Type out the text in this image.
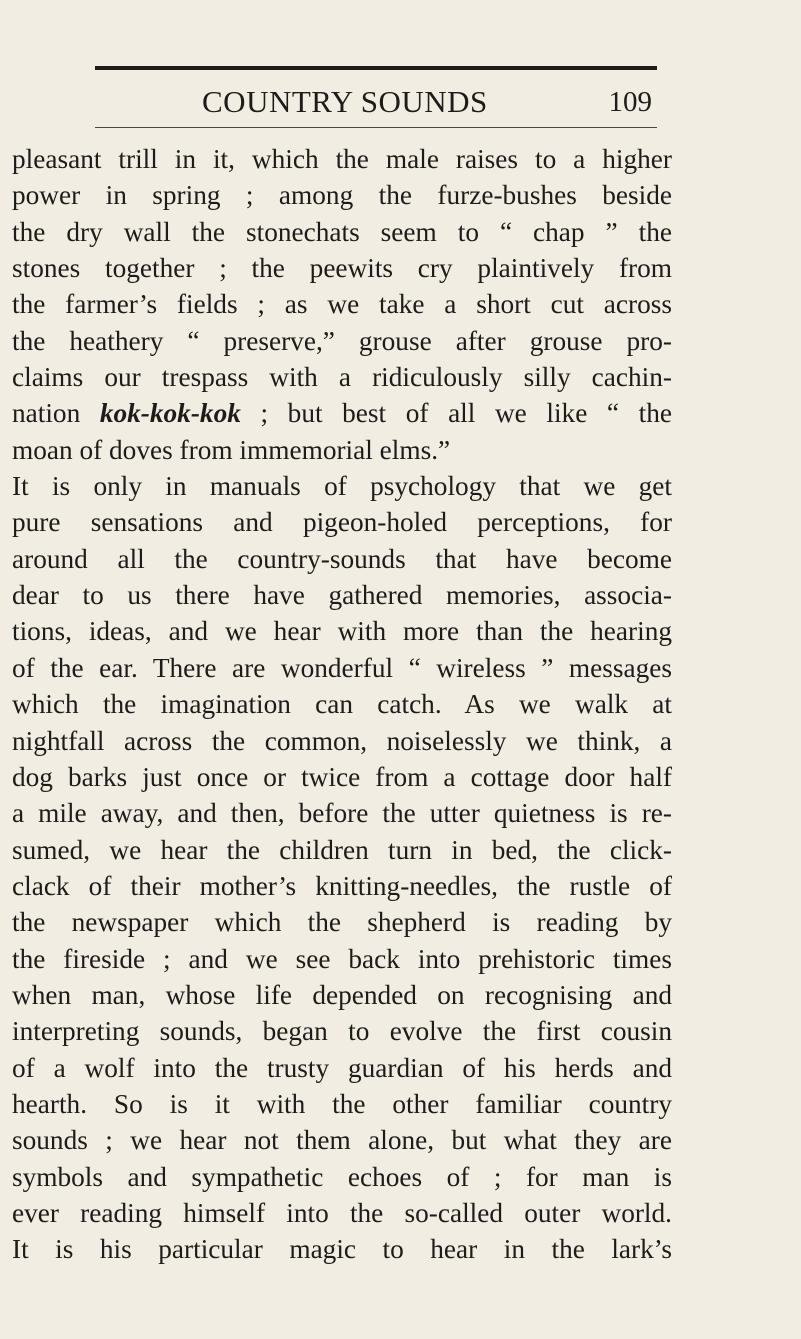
COUNTRY SOUNDS	109
pleasant trill in it, which the male raises to a higher
power in spring ; among the furze-bushes beside
the dry wall the stonechats seem to “ chap ” the
stones together ; the peewits cry plaintively from
the farmer’s fields ; as we take a short cut across
the heathery “ preserve,” grouse after grouse pro-
claims our trespass with a ridiculously silly cachin-
nation kok-kok-kok ; but best of all we like “ the
moan of doves from immemorial elms.”
It is only in manuals of psychology that we get
pure sensations and pigeon-holed perceptions, for
around all the country-sounds that have become
dear to us there have gathered memories, associa-
tions, ideas, and we hear with more than the hearing
of the ear. There are wonderful “ wireless ” messages
which the imagination can catch. As we walk at
nightfall across the common, noiselessly we think, a
dog barks just once or twice from a cottage door half
a mile away, and then, before the utter quietness is re-
sumed, we hear the children turn in bed, the click-
clack of their mother’s knitting-needles, the rustle of
the newspaper which the shepherd is reading by
the fireside ; and we see back into prehistoric times
when man, whose life depended on recognising and
interpreting sounds, began to evolve the first cousin
of a wolf into the trusty guardian of his herds and
hearth. So is it with the other familiar country
sounds ; we hear not them alone, but what they are
symbols and sympathetic echoes of ; for man is
ever reading himself into the so-called outer world.
It is his particular magic to hear in the lark’s
